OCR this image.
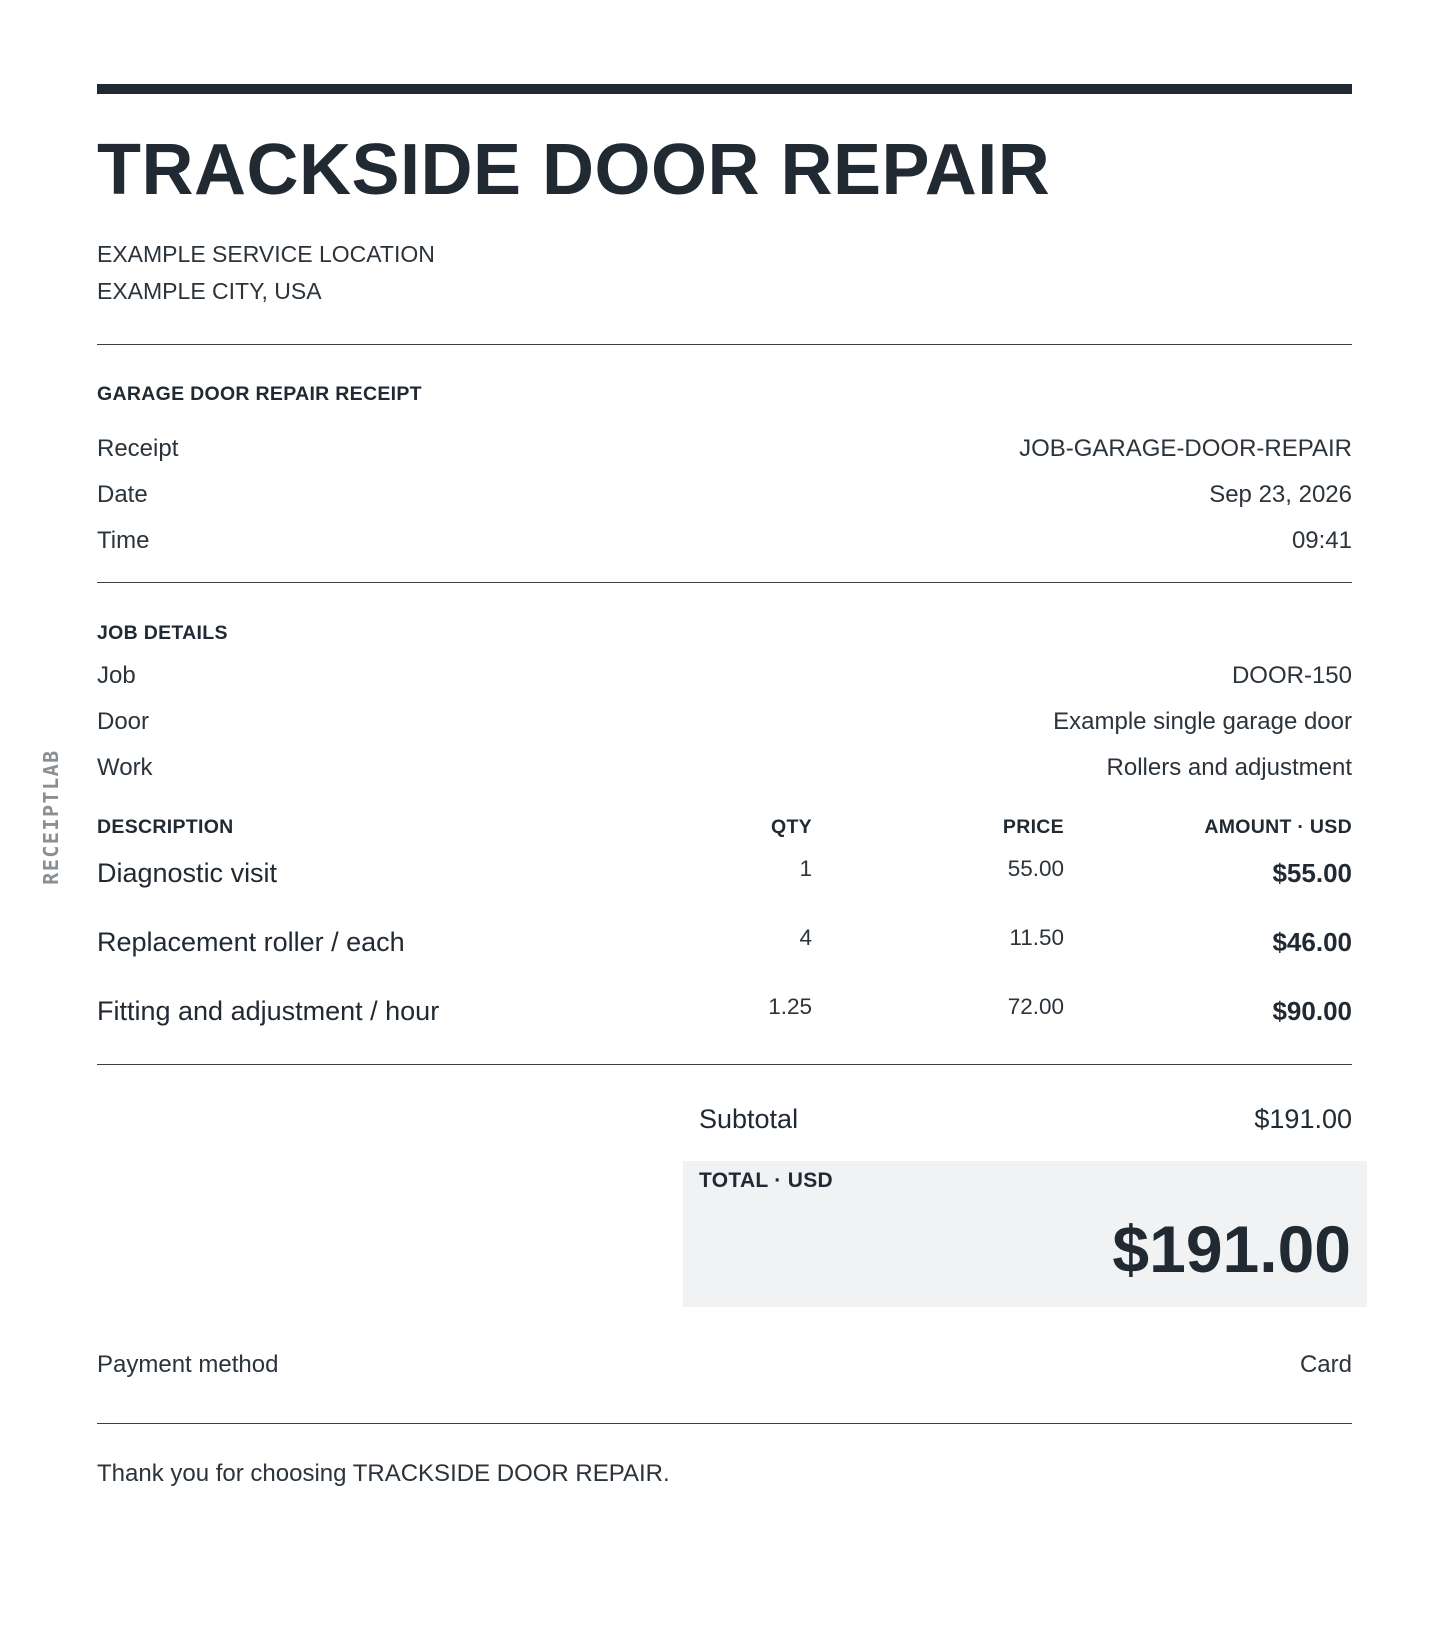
RECEIPTLAB
TRACKSIDE DOOR REPAIR
EXAMPLE SERVICE LOCATION
EXAMPLE CITY, USA
GARAGE DOOR REPAIR RECEIPT
Receipt	JOB-GARAGE-DOOR-REPAIR
Date	Sep 23, 2026
Time	09:41
JOB DETAILS
Job	DOOR-150
Door	Example single garage door
Work	Rollers and adjustment
DESCRIPTION	QTY	PRICE	AMOUNT · USD
Diagnostic visit	1	55.00	$55.00
Replacement roller / each	4	11.50	$46.00
Fitting and adjustment / hour	1.25	72.00	$90.00
Subtotal	$191.00
TOTAL · USD
$191.00
Payment method	Card
Thank you for choosing TRACKSIDE DOOR REPAIR.
